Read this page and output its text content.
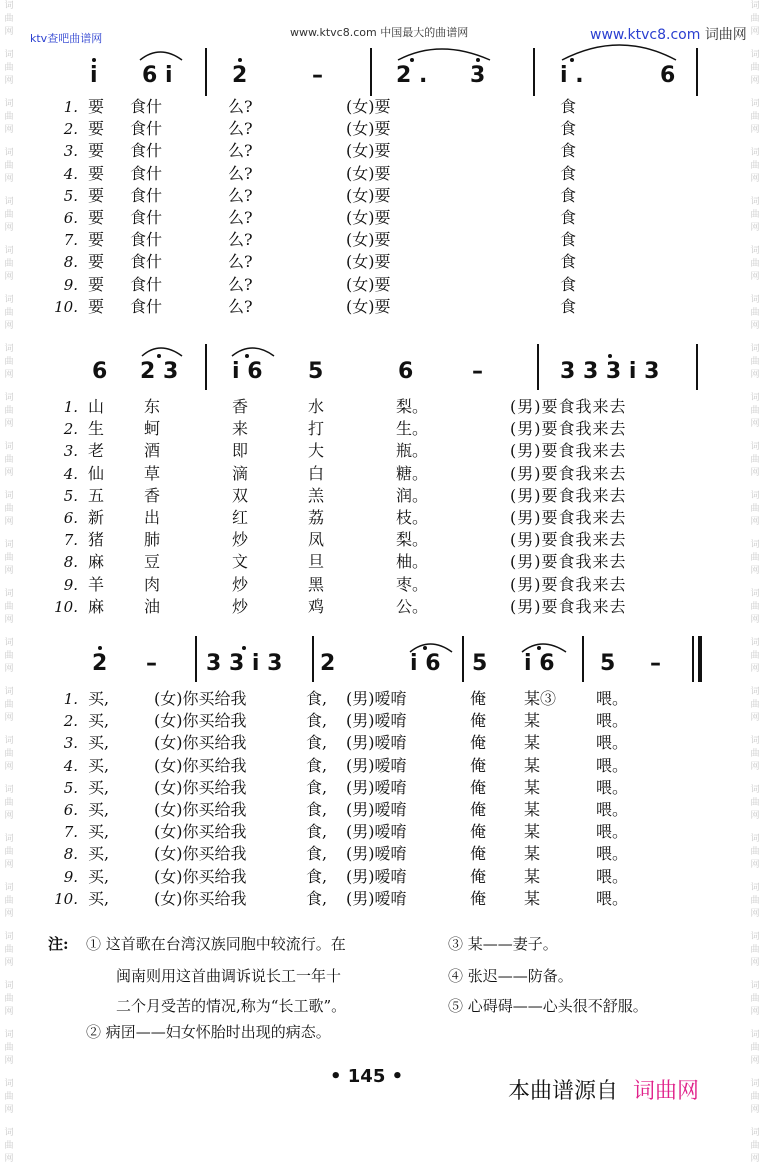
ktv查吧曲谱网	www.ktvc8.com 中国最大的曲谱网	www.ktvc8.com 词曲网
词
曲
网
词
曲
网
词
曲
网
词
曲
网
词
曲
网
词
曲
网
词
曲
网
词
曲
网
词
曲
网
词
曲
网
词
曲
网
词
曲
网
词
曲
网
词
曲
网
词
曲
网
词
曲
网
词
曲
网
词
曲
网
词
曲
网
词
曲
网
词
曲
网
词
曲
网
词
曲
网
词
曲
网
词
曲
网
词
曲
网
词
曲
网
词
曲
网
词
曲
网
词
曲
网
词
曲
网
词
曲
网
词
曲
网
词
曲
网
词
曲
网
词
曲
网
词
曲
网
词
曲
网
词
曲
网
词
曲
网
词
曲
网
词
曲
网
词
曲
网
词
曲
网
词
曲
网
词
曲
网
词
曲
网
词
曲
网
i 6 i	2	–	2 . 3	i .	6
1. 要 食什	么?	(女)要	食
2. 要 食什	么?	(女)要	食
3. 要 食什	么?	(女)要	食
4. 要 食什	么?	(女)要	食
5. 要 食什	么?	(女)要	食
6. 要 食什	么?	(女)要	食
7. 要 食什	么?	(女)要	食
8. 要 食什	么?	(女)要	食
9. 要 食什	么?	(女)要	食
10. 要 食什	么?	(女)要	食
6 2 3 i 6 5	6	–	3 3 3 i 3
1. 山 东	香	水	梨。	(男)要食我来去
2. 生 蚵	来	打	生。	(男)要食我来去
3. 老 酒	即	大	瓶。	(男)要食我来去
4. 仙 草	滴	白	糖。	(男)要食我来去
5. 五 香	双	羔	润。	(男)要食我来去
6. 新 出	红	荔	枝。	(男)要食我来去
7. 猪 肺	炒	凤	梨。	(男)要食我来去
8. 麻 豆	文	旦	柚。	(男)要食我来去
9. 羊 肉	炒	黑	枣。	(男)要食我来去
10. 麻 油	炒	鸡	公。	(男)要食我来去
2 – 3 3 i 3 2	i 6 5 i 6 5 –
1. 买,	(女)你买给我	食, (男)嗳唷	俺 某③ 喂。
2. 买,	(女)你买给我	食, (男)嗳唷	俺 某	喂。
3. 买,	(女)你买给我	食, (男)嗳唷	俺 某	喂。
4. 买,	(女)你买给我	食, (男)嗳唷	俺 某	喂。
5. 买,	(女)你买给我	食, (男)嗳唷	俺 某	喂。
6. 买,	(女)你买给我	食, (男)嗳唷	俺 某	喂。
7. 买,	(女)你买给我	食, (男)嗳唷	俺 某	喂。
8. 买,	(女)你买给我	食, (男)嗳唷	俺 某	喂。
9. 买,	(女)你买给我	食, (男)嗳唷	俺 某	喂。
10. 买,	(女)你买给我	食, (男)嗳唷	俺 某	喂。
注: ① 这首歌在台湾汉族同胞中较流行。在
闽南则用这首曲调诉说长工一年十
二个月受苦的情况,称为“长工歌”。
② 病囝——妇女怀胎时出现的病态。
③ 某——妻子。
④ 张迟——防备。
⑤ 心碍碍——心头很不舒服。
• 145 •
本曲谱源自 词曲网
